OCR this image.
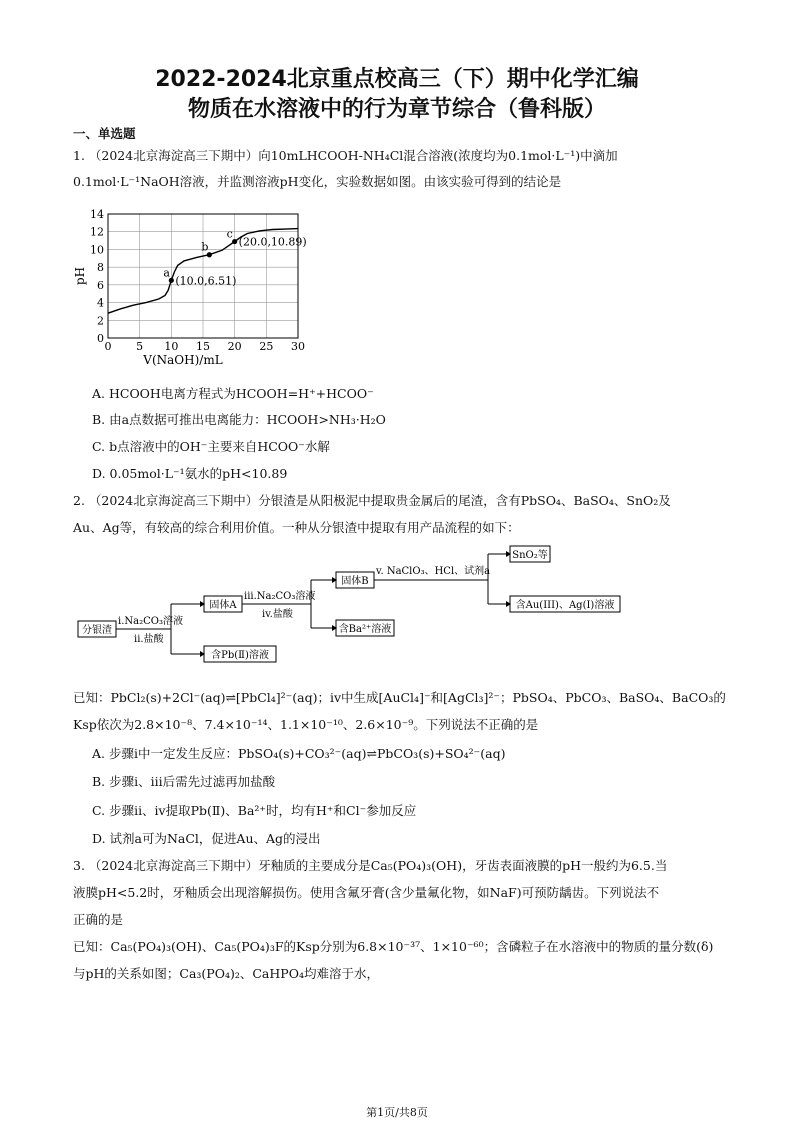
2022-2024北京重点校高三（下）期中化学汇编
物质在水溶液中的行为章节综合（鲁科版）
一、单选题
1. （2024北京海淀高三下期中）向10mLHCOOH-NH₄Cl混合溶液(浓度均为0.1mol·L⁻¹)中滴加
0.1mol·L⁻¹NaOH溶液，并监测溶液pH变化，实验数据如图。由该实验可得到的结论是
0 5 10 15 20 25 30
0
2
4
6
8
10
12
14
a
(10.0,6.51)
b
c
(20.0,10.89)
V(NaOH)/mL
pH
A. HCOOH电离方程式为HCOOH=H⁺+HCOO⁻
B. 由a点数据可推出电离能力：HCOOH>NH₃·H₂O
C. b点溶液中的OH⁻主要来自HCOO⁻水解
D. 0.05mol·L⁻¹氨水的pH<10.89
2. （2024北京海淀高三下期中）分银渣是从阳极泥中提取贵金属后的尾渣，含有PbSO₄、BaSO₄、SnO₂及
Au、Ag等，有较高的综合利用价值。一种从分银渣中提取有用产品流程的如下：
分银渣
固体A
含Pb(Ⅱ)溶液
固体B
含Ba²⁺溶液
SnO₂等
含Au(III)、Ag(I)溶液
i.Na₂CO₃溶液
ii.盐酸
iii.Na₂CO₃溶液
iv.盐酸
v. NaClO₃、HCl、试剂a
已知：PbCl₂(s)+2Cl⁻(aq)⇌[PbCl₄]²⁻(aq)；ⅳ中生成[AuCl₄]⁻和[AgCl₃]²⁻；PbSO₄、PbCO₃、BaSO₄、BaCO₃的
Ksp依次为2.8×10⁻⁸、7.4×10⁻¹⁴、1.1×10⁻¹⁰、2.6×10⁻⁹。下列说法不正确的是
A. 步骤ⅰ中一定发生反应：PbSO₄(s)+CO₃²⁻(aq)⇌PbCO₃(s)+SO₄²⁻(aq)
B. 步骤ⅰ、ⅲ后需先过滤再加盐酸
C. 步骤ⅱ、ⅳ提取Pb(Ⅱ)、Ba²⁺时，均有H⁺和Cl⁻参加反应
D. 试剂a可为NaCl，促进Au、Ag的浸出
3. （2024北京海淀高三下期中）牙釉质的主要成分是Ca₅(PO₄)₃(OH)，牙齿表面液膜的pH一般约为6.5.当
液膜pH<5.2时，牙釉质会出现溶解损伤。使用含氟牙膏(含少量氟化物，如NaF)可预防龋齿。下列说法不
正确的是
已知：Ca₅(PO₄)₃(OH)、Ca₅(PO₄)₃F的Ksp分别为6.8×10⁻³⁷、1×10⁻⁶⁰；含磷粒子在水溶液中的物质的量分数(δ)
与pH的关系如图；Ca₃(PO₄)₂、CaHPO₄均难溶于水，
第1页/共8页
